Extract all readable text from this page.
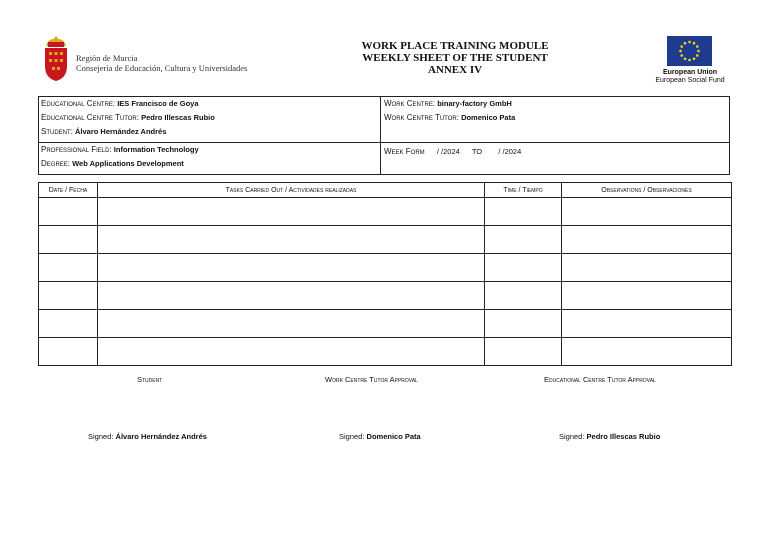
Región de Murcia
Consejería de Educación, Cultura y Universidades
WORK PLACE TRAINING MODULE
WEEKLY SHEET OF THE STUDENT
ANNEX IV	European Union
European Social Fund
Educational Centre: IES Francisco de Goya
Educational Centre Tutor: Pedro Illescas Rubio
Student: Álvaro Hernández Andrés
Work Centre: binary-factory GmbH
Work Centre Tutor: Domenico Pata
Professional Field: Information Technology
Degree: Web Applications Development
Week Form / /2024 TO / /2024
Date / Fecha	Tasks Carried Out / Actividades realizadas	Time / Tiempo	Observations / Observaciones

Student	Work Centre Tutor Approval	Educational Centre Tutor Approval
Signed: Álvaro Hernández Andrés	Signed: Domenico Pata	Signed: Pedro Illescas Rubio
